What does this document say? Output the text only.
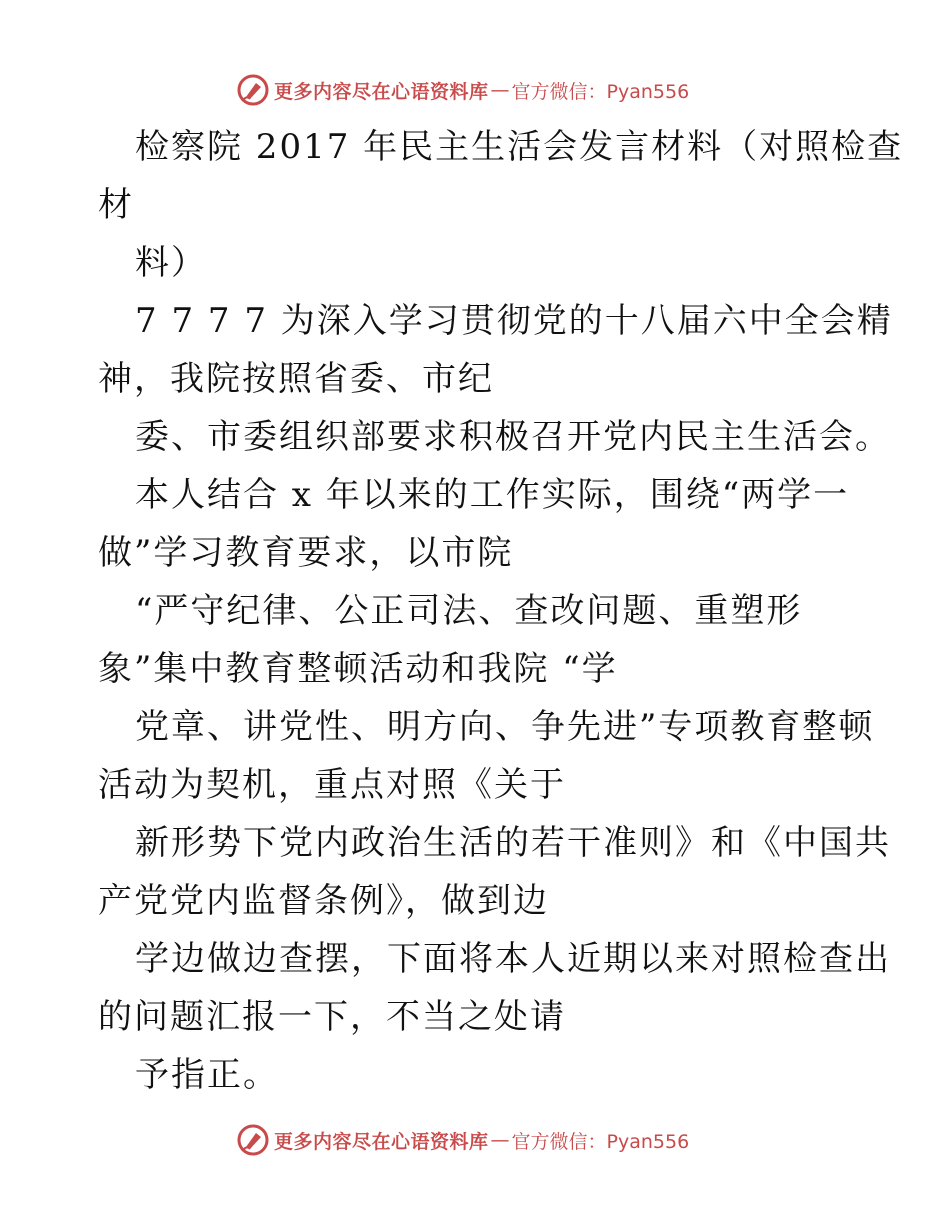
更多内容尽在心语资料库 — 官方微信：Pyan556
检察院 2017 年民主生活会发言材料（对照检查
材
料）
7 7 7 7 为深入学习贯彻党的十八届六中全会精
神，我院按照省委、市纪
委、市委组织部要求积极召开党内民主生活会。
本人结合 x 年以来的工作实际，围绕“两学一
做”学习教育要求，以市院
“严守纪律、公正司法、查改问题、重塑形
象”集中教育整顿活动和我院 “学
党章、讲党性、明方向、争先进”专项教育整顿
活动为契机，重点对照《关于
新形势下党内政治生活的若干准则》和《中国共
产党党内监督条例》，做到边
学边做边查摆，下面将本人近期以来对照检查出
的问题汇报一下，不当之处请
予指正。
更多内容尽在心语资料库 — 官方微信：Pyan556
